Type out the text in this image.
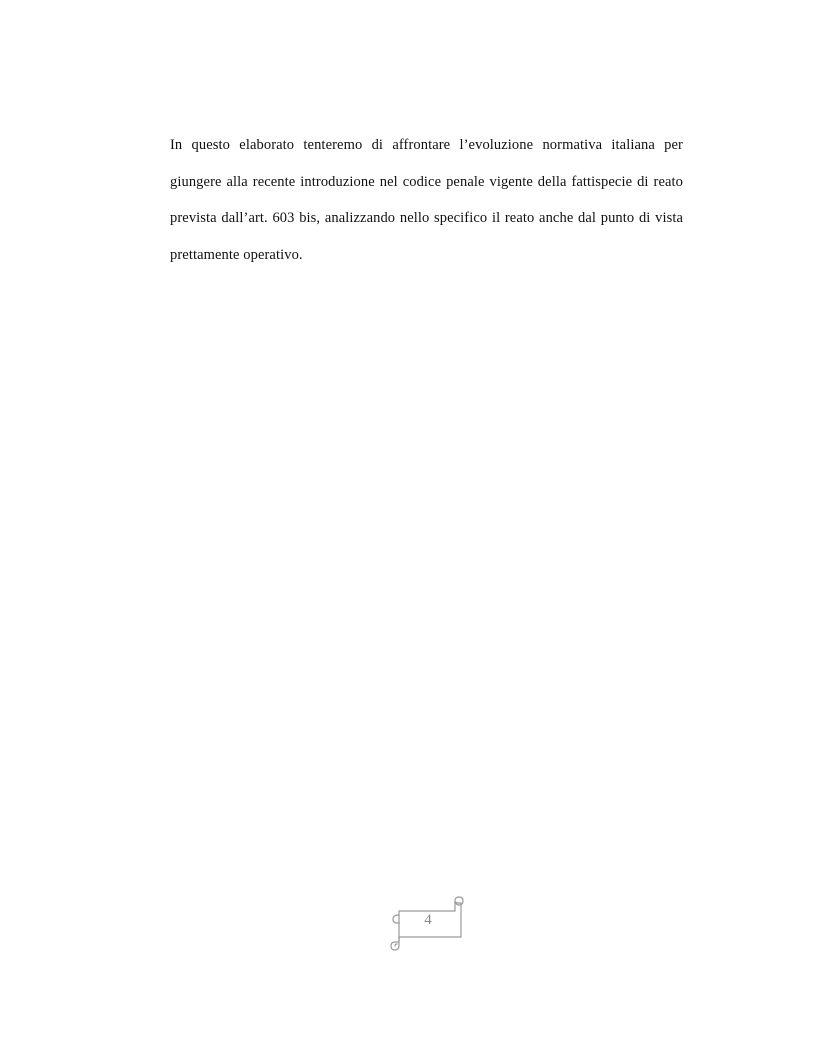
In questo elaborato tenteremo di affrontare l’evoluzione normativa italiana per giungere alla recente introduzione nel codice penale vigente della fattispecie di reato prevista dall’art. 603 bis, analizzando nello specifico il reato anche dal punto di vista prettamente operativo.

4
